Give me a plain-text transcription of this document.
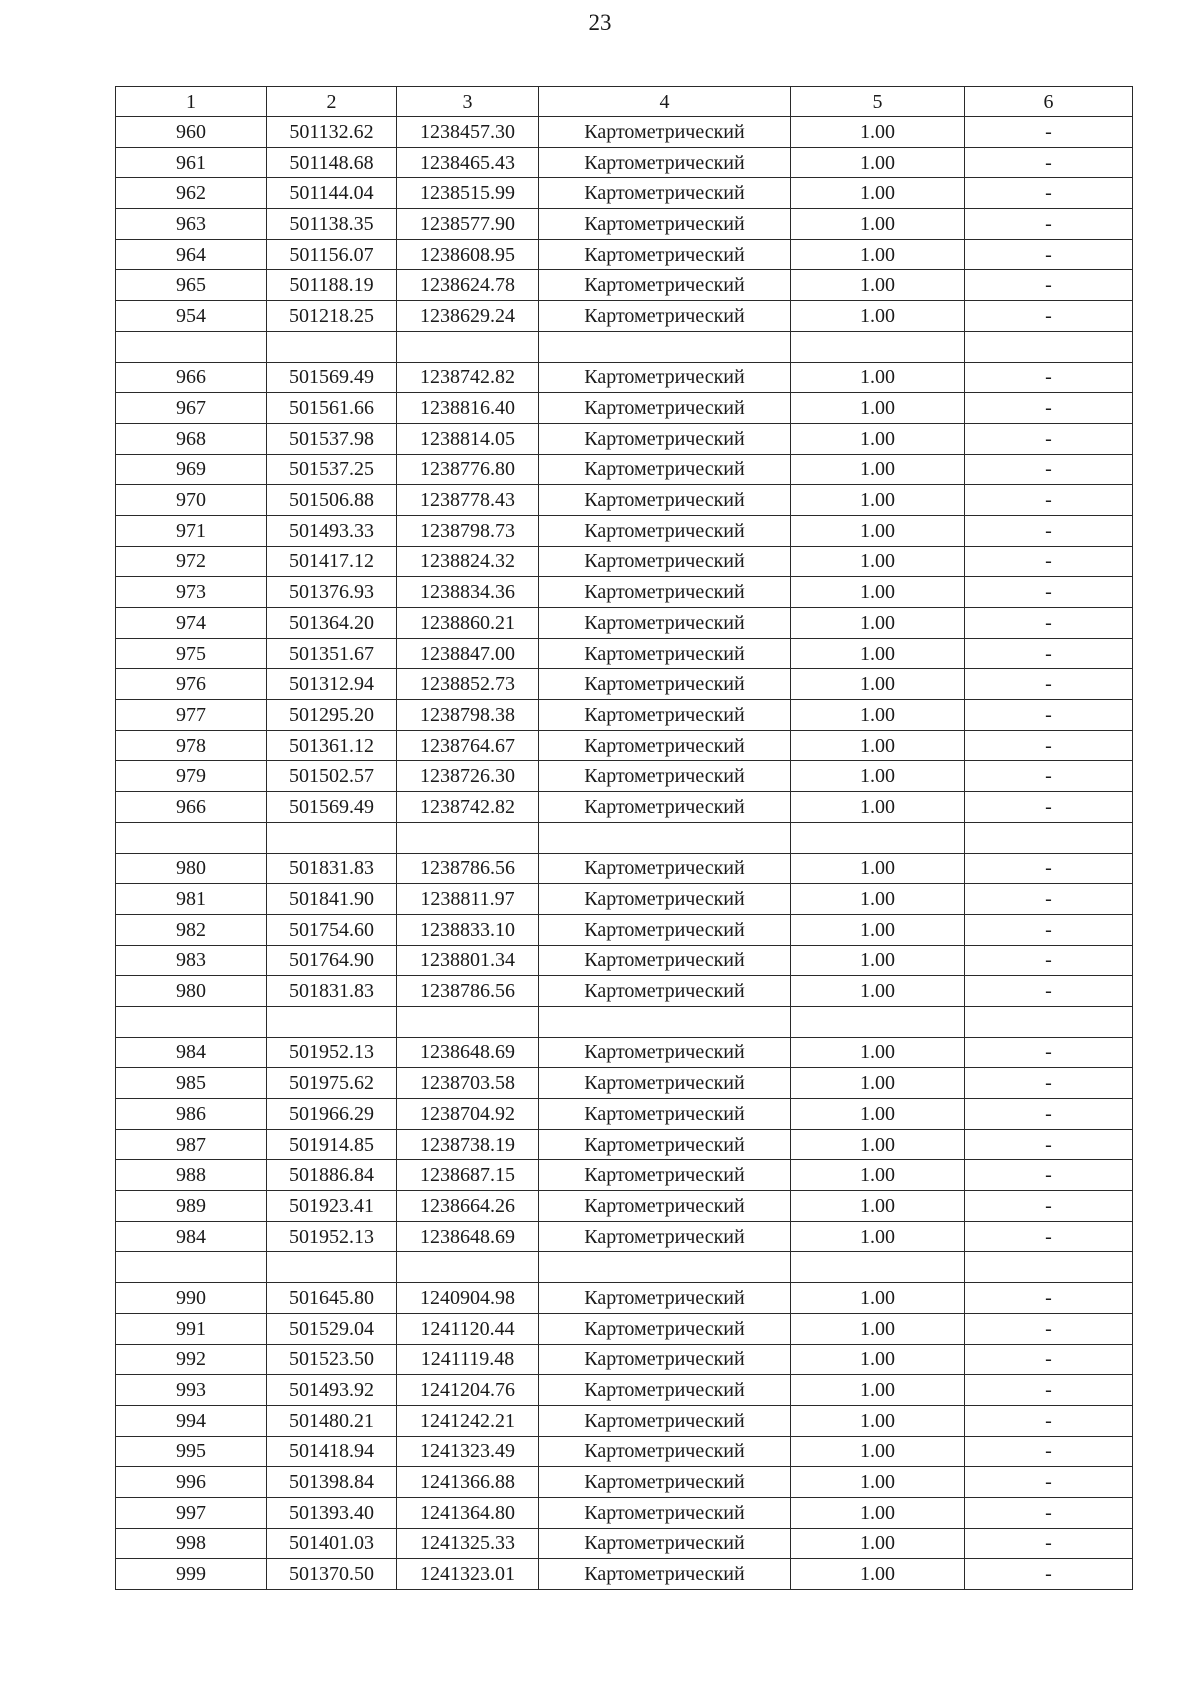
23
1	2	3	4	5	6
960	501132.62	1238457.30	Картометрический	1.00	-
961	501148.68	1238465.43	Картометрический	1.00	-
962	501144.04	1238515.99	Картометрический	1.00	-
963	501138.35	1238577.90	Картометрический	1.00	-
964	501156.07	1238608.95	Картометрический	1.00	-
965	501188.19	1238624.78	Картометрический	1.00	-
954	501218.25	1238629.24	Картометрический	1.00	-

966	501569.49	1238742.82	Картометрический	1.00	-
967	501561.66	1238816.40	Картометрический	1.00	-
968	501537.98	1238814.05	Картометрический	1.00	-
969	501537.25	1238776.80	Картометрический	1.00	-
970	501506.88	1238778.43	Картометрический	1.00	-
971	501493.33	1238798.73	Картометрический	1.00	-
972	501417.12	1238824.32	Картометрический	1.00	-
973	501376.93	1238834.36	Картометрический	1.00	-
974	501364.20	1238860.21	Картометрический	1.00	-
975	501351.67	1238847.00	Картометрический	1.00	-
976	501312.94	1238852.73	Картометрический	1.00	-
977	501295.20	1238798.38	Картометрический	1.00	-
978	501361.12	1238764.67	Картометрический	1.00	-
979	501502.57	1238726.30	Картометрический	1.00	-
966	501569.49	1238742.82	Картометрический	1.00	-

980	501831.83	1238786.56	Картометрический	1.00	-
981	501841.90	1238811.97	Картометрический	1.00	-
982	501754.60	1238833.10	Картометрический	1.00	-
983	501764.90	1238801.34	Картометрический	1.00	-
980	501831.83	1238786.56	Картометрический	1.00	-

984	501952.13	1238648.69	Картометрический	1.00	-
985	501975.62	1238703.58	Картометрический	1.00	-
986	501966.29	1238704.92	Картометрический	1.00	-
987	501914.85	1238738.19	Картометрический	1.00	-
988	501886.84	1238687.15	Картометрический	1.00	-
989	501923.41	1238664.26	Картометрический	1.00	-
984	501952.13	1238648.69	Картометрический	1.00	-

990	501645.80	1240904.98	Картометрический	1.00	-
991	501529.04	1241120.44	Картометрический	1.00	-
992	501523.50	1241119.48	Картометрический	1.00	-
993	501493.92	1241204.76	Картометрический	1.00	-
994	501480.21	1241242.21	Картометрический	1.00	-
995	501418.94	1241323.49	Картометрический	1.00	-
996	501398.84	1241366.88	Картометрический	1.00	-
997	501393.40	1241364.80	Картометрический	1.00	-
998	501401.03	1241325.33	Картометрический	1.00	-
999	501370.50	1241323.01	Картометрический	1.00	-
